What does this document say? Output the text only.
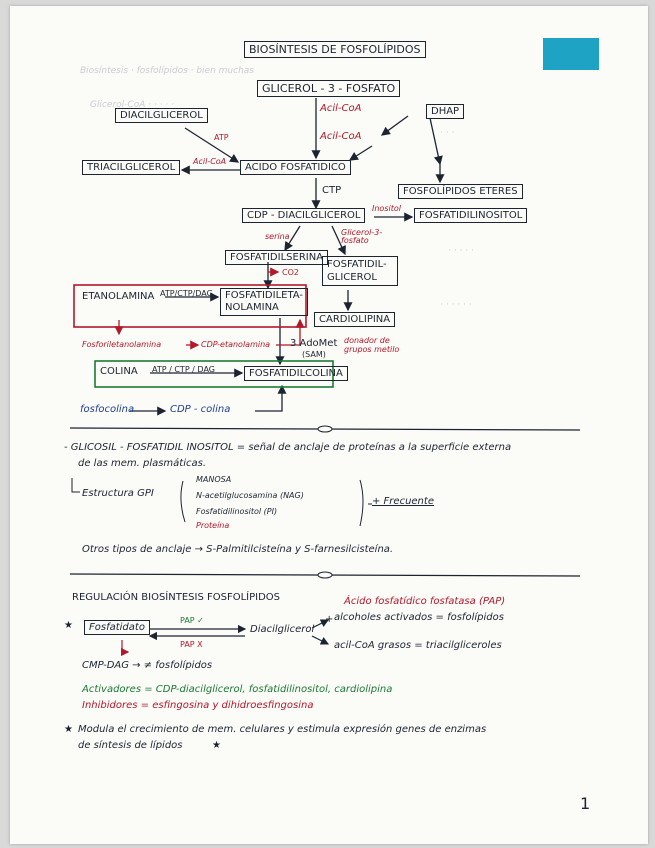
Biosíntesis · fosfolípidos · bien muchas
Glicerol-CoA · · · · ·
· · ·
· · · · ·
· · · · · ·
BIOSÍNTESIS DE FOSFOLÍPIDOS
GLICEROL - 3 - FOSFATO
Acil-CoA
Acil-CoA
DHAP
DIACILGLICEROL
ATP
Acil-CoA
TRIACILGLICEROL	ACIDO FOSFATIDICO
FOSFOLÍPIDOS ETERES
CTP
CDP - DIACILGLICEROL
Inositol
FOSFATIDILINOSITOL
serina	Glicerol-3-fosfato
FOSFATIDILSERINA
CO2
FOSFATIDIL-GLICEROL
ETANOLAMINA ATP/CTP/DAG	FOSFATIDILETA-NOLAMINA
CARDIOLIPINA
Fosforiletanolamina	CDP-etanolamina 3 AdoMet
(SAM)
donador de grupos metilo
COLINA ATP / CTP / DAG	FOSFATIDILCOLINA
fosfocolina	CDP - colina
- GLICOSIL - FOSFATIDIL INOSITOL = señal de anclaje de proteínas a la superficie externa
de las mem. plasmáticas.
Estructura GPI
MANOSA
N-acetilglucosamina (NAG)
Fosfatidilinositol (PI)
Proteína
+ Frecuente
Otros tipos de anclaje → S-Palmitilcisteína y S-farnesilcisteína.
REGULACIÓN BIOSÍNTESIS FOSFOLÍPIDOS	Ácido fosfatídico fosfatasa (PAP)
★	Fosfatidato
PAP ✓
PAP X
Diacilglicerol
+ alcoholes activados = fosfolípidos
acil-CoA grasos = triacilgliceroles
CMP-DAG → ≠ fosfolípidos
Activadores = CDP-diacilglicerol, fosfatidilinositol, cardiolipina
Inhibidores = esfingosina y dihidroesfingosina
★ Modula el crecimiento de mem. celulares y estimula expresión genes de enzimas
de síntesis de lípidos	★
1
